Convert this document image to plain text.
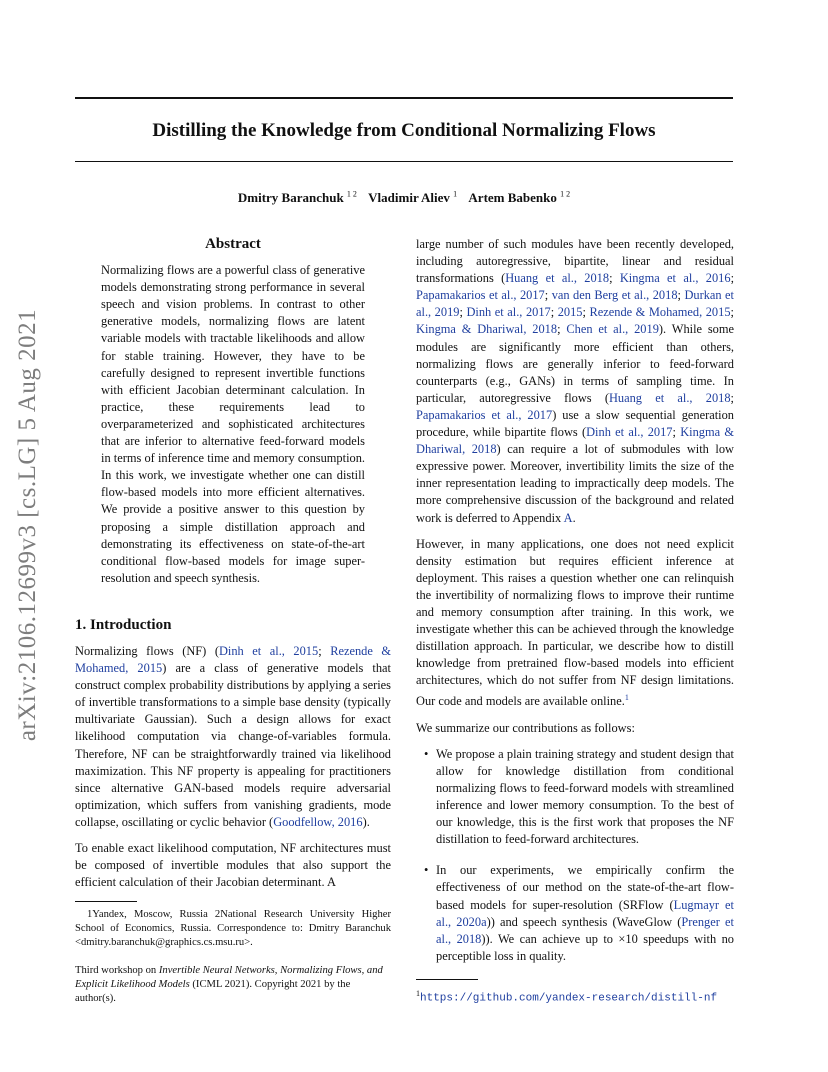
arXiv:2106.12699v3 [cs.LG] 5 Aug 2021
Distilling the Knowledge from Conditional Normalizing Flows
Dmitry Baranchuk $^{1 2}$ Vladimir Aliev $^1$ Artem Babenko $^{1 2}$
Abstract
Normalizing flows are a powerful class of generative models demonstrating strong performance in several speech and vision problems. In contrast to other generative models, normalizing flows are latent variable models with tractable likelihoods and allow for stable training. However, they have to be carefully designed to represent invertible functions with efficient Jacobian determinant calculation. In practice, these requirements lead to overparameterized and sophisticated architectures that are inferior to alternative feed-forward models in terms of inference time and memory consumption. In this work, we investigate whether one can distill flow-based models into more efficient alternatives. We provide a positive answer to this question by proposing a simple distillation approach and demonstrating its effectiveness on state-of-the-art conditional flow-based models for image super-resolution and speech synthesis.
1. Introduction

Normalizing flows (NF) (Dinh et al., 2015; Rezende & Mohamed, 2015) are a class of generative models that construct complex probability distributions by applying a series of invertible transformations to a simple base density (typically multivariate Gaussian). Such a design allows for exact likelihood computation via change-of-variables formula. Therefore, NF can be straightforwardly trained via likelihood maximization. This NF property is appealing for practitioners since alternative GAN-based models require adversarial optimization, which suffers from vanishing gradients, mode collapse, oscillating or cyclic behavior (Goodfellow, 2016).

To enable exact likelihood computation, NF architectures must be composed of invertible modules that also support the efficient calculation of their Jacobian determinant. A

1Yandex, Moscow, Russia 2National Research University Higher School of Economics, Russia. Correspondence to: Dmitry Baranchuk <dmitry.baranchuk@graphics.cs.msu.ru>.

Third workshop on Invertible Neural Networks, Normalizing Flows, and Explicit Likelihood Models (ICML 2021). Copyright 2021 by the author(s).

large number of such modules have been recently developed, including autoregressive, bipartite, linear and residual transformations (Huang et al., 2018; Kingma et al., 2016; Papamakarios et al., 2017; van den Berg et al., 2018; Durkan et al., 2019; Dinh et al., 2017; 2015; Rezende & Mohamed, 2015; Kingma & Dhariwal, 2018; Chen et al., 2019). While some modules are significantly more efficient than others, normalizing flows are generally inferior to feed-forward counterparts (e.g., GANs) in terms of sampling time. In particular, autoregressive flows (Huang et al., 2018; Papamakarios et al., 2017) use a slow sequential generation procedure, while bipartite flows (Dinh et al., 2017; Kingma & Dhariwal, 2018) can require a lot of submodules with low expressive power. Moreover, invertibility limits the size of the inner representation leading to impractically deep models. The more comprehensive discussion of the background and related work is deferred to Appendix A.

However, in many applications, one does not need explicit density estimation but requires efficient inference at deployment. This raises a question whether one can relinquish the invertibility of normalizing flows to improve their runtime and memory consumption after training. In this work, we investigate whether this can be achieved through the knowledge distillation approach. In particular, we describe how to distill knowledge from pretrained flow-based models into efficient architectures, which do not suffer from NF design limitations. Our code and models are available online.$^1$

We summarize our contributions as follows:

• We propose a plain training strategy and student design that allow for knowledge distillation from conditional normalizing flows to feed-forward models with streamlined inference and lower memory consumption. To the best of our knowledge, this is the first work that proposes the NF distillation to feed-forward architectures.
• In our experiments, we empirically confirm the effectiveness of our method on the state-of-the-art flow-based models for super-resolution (SRFlow (Lugmayr et al., 2020a)) and speech synthesis (WaveGlow (Prenger et al., 2018)). We can achieve up to ×10 speedups with no perceptible loss in quality.
$^1$https://github.com/yandex-research/distill-nf
